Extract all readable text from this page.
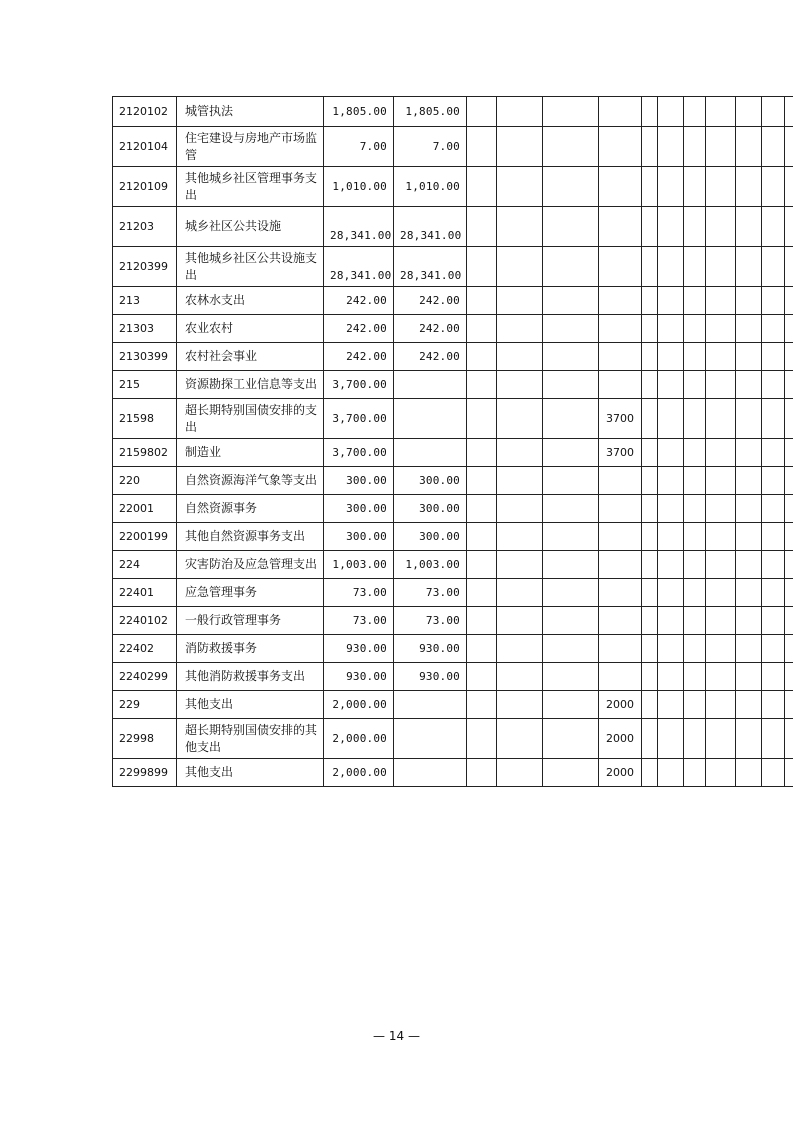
2120102	城管执法	1,805.00	1,805.00											
2120104	住宅建设与房地产市场监管	7.00	7.00											
2120109	其他城乡社区管理事务支出	1,010.00	1,010.00											
21203	城乡社区公共设施	28,341.00	28,341.00											
2120399	其他城乡社区公共设施支出	28,341.00	28,341.00											
213	农林水支出	242.00	242.00											
21303	农业农村	242.00	242.00											
2130399	农村社会事业	242.00	242.00											
215	资源勘探工业信息等支出	3,700.00												
21598	超长期特别国债安排的支出	3,700.00					3700							
2159802	制造业	3,700.00					3700							
220	自然资源海洋气象等支出	300.00	300.00											
22001	自然资源事务	300.00	300.00											
2200199	其他自然资源事务支出	300.00	300.00											
224	灾害防治及应急管理支出	1,003.00	1,003.00											
22401	应急管理事务	73.00	73.00											
2240102	一般行政管理事务	73.00	73.00											
22402	消防救援事务	930.00	930.00											
2240299	其他消防救援事务支出	930.00	930.00											
229	其他支出	2,000.00					2000							
22998	超长期特别国债安排的其他支出	2,000.00					2000							
2299899	其他支出	2,000.00					2000							
— 14 —
